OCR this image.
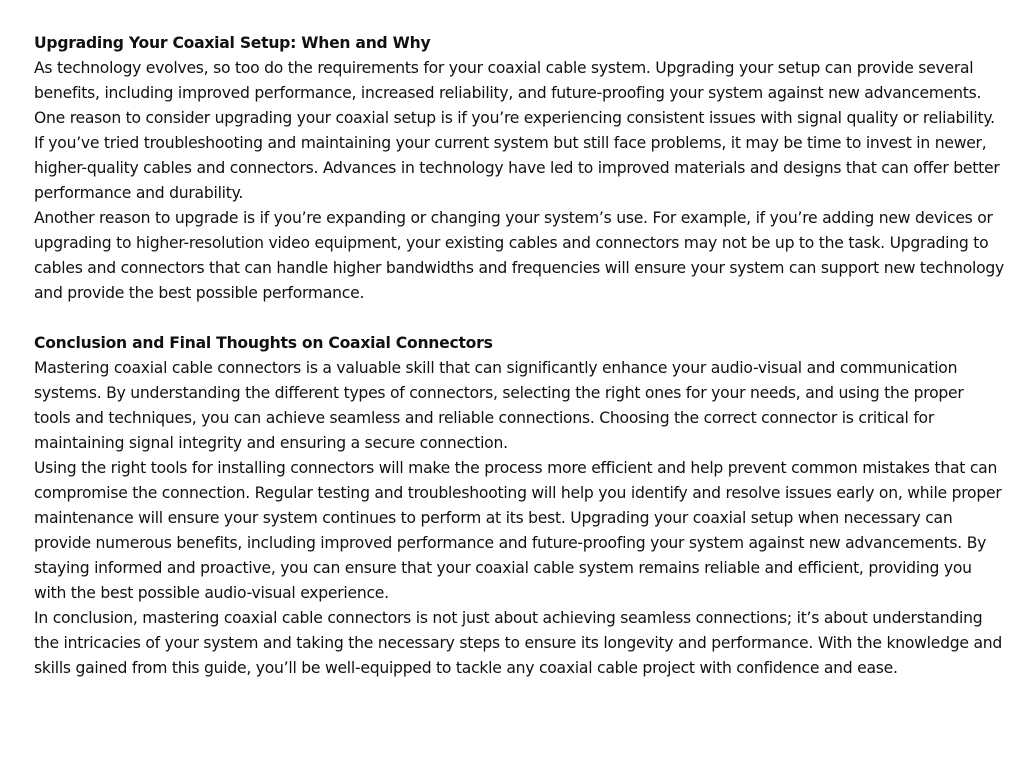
Upgrading Your Coaxial Setup: When and Why

As technology evolves, so too do the requirements for your coaxial cable system. Upgrading your setup can provide several benefits, including improved performance, increased reliability, and future-proofing your system against new advancements.

One reason to consider upgrading your coaxial setup is if you’re experiencing consistent issues with signal quality or reliability. If you’ve tried troubleshooting and maintaining your current system but still face problems, it may be time to invest in newer, higher-quality cables and connectors. Advances in technology have led to improved materials and designs that can offer better performance and durability.

Another reason to upgrade is if you’re expanding or changing your system’s use. For example, if you’re adding new devices or upgrading to higher-resolution video equipment, your existing cables and connectors may not be up to the task. Upgrading to cables and connectors that can handle higher bandwidths and frequencies will ensure your system can support new technology and provide the best possible performance.

Conclusion and Final Thoughts on Coaxial Connectors

Mastering coaxial cable connectors is a valuable skill that can significantly enhance your audio-visual and communication systems. By understanding the different types of connectors, selecting the right ones for your needs, and using the proper tools and techniques, you can achieve seamless and reliable connections. Choosing the correct connector is critical for maintaining signal integrity and ensuring a secure connection.

Using the right tools for installing connectors will make the process more efficient and help prevent common mistakes that can compromise the connection. Regular testing and troubleshooting will help you identify and resolve issues early on, while proper maintenance will ensure your system continues to perform at its best. Upgrading your coaxial setup when necessary can provide numerous benefits, including improved performance and future-proofing your system against new advancements. By staying informed and proactive, you can ensure that your coaxial cable system remains reliable and efficient, providing you with the best possible audio-visual experience.

In conclusion, mastering coaxial cable connectors is not just about achieving seamless connections; it’s about understanding the intricacies of your system and taking the necessary steps to ensure its longevity and performance. With the knowledge and skills gained from this guide, you’ll be well-equipped to tackle any coaxial cable project with confidence and ease.
